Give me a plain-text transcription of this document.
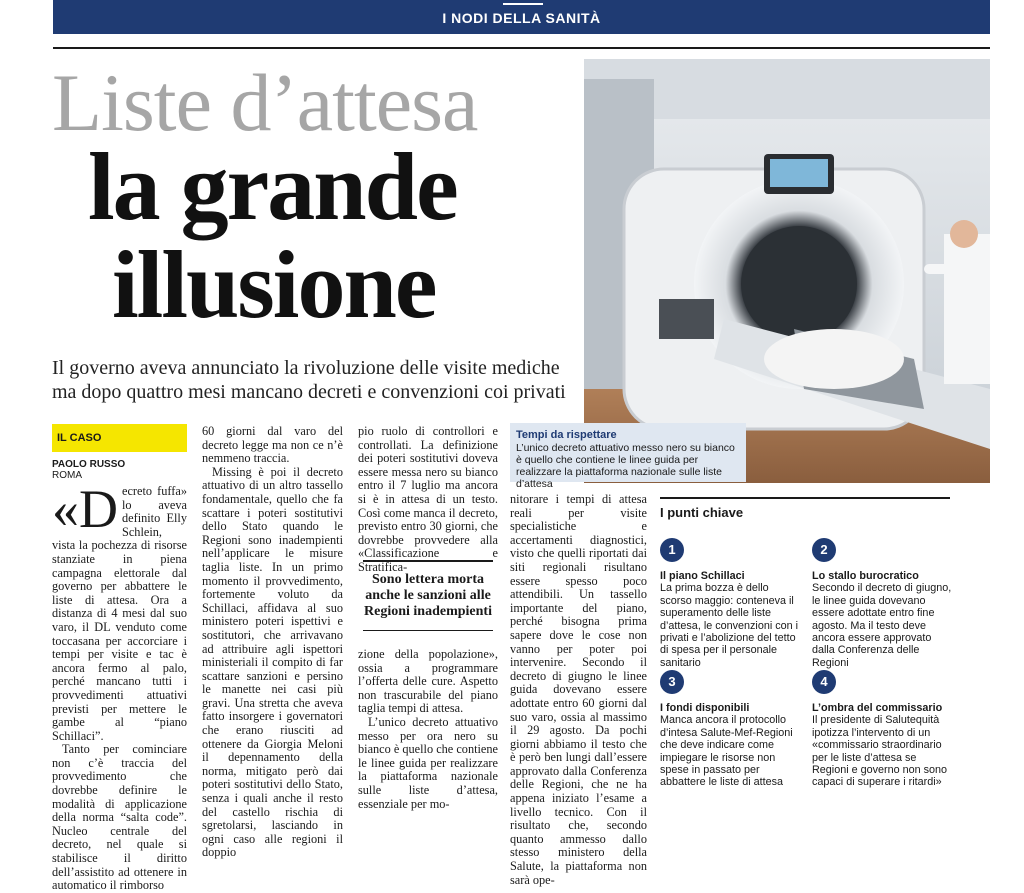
I NODI DELLA SANITÀ
Liste d’attesa
la grande
illusione
Il governo aveva annunciato la rivoluzione delle visite mediche ma dopo quattro mesi mancano decreti e convenzioni coi privati
Tempi da rispettare
L’unico decreto attuativo messo nero su bianco è quello che contiene le linee guida per realizzare la piattaforma nazionale sulle liste d’attesa
IL CASO
PAOLO RUSSO
ROMA

«Decreto fuffa» lo aveva definito Elly Schlein, vista la pochezza di risorse stanziate in piena campagna elettorale dal governo per abbattere le liste di attesa. Ora a distanza di 4 mesi dal suo varo, il DL venduto come toccasana per accorciare i tempi per visite e tac è ancora fermo al palo, perché mancano tutti i provvedimenti attuativi previsti per mettere le gambe al “piano Schillaci”.

Tanto per cominciare non c’è traccia del provvedimento che dovrebbe definire le modalità di applicazione della norma “salta code”. Nucleo centrale del decreto, nel quale si stabilisce il diritto dell’assistito ad ottenere in automatico il rimborso

60 giorni dal varo del decreto legge ma non ce n’è nemmeno traccia.

Missing è poi il decreto attuativo di un altro tassello fondamentale, quello che fa scattare i poteri sostitutivi dello Stato quando le Regioni sono inadempienti nell’applicare le misure taglia liste. In un primo momento il provvedimento, fortemente voluto da Schillaci, affidava al suo ministero poteri ispettivi e sostitutori, che arrivavano ad attribuire agli ispettori ministeriali il compito di far scattare sanzioni e persino le manette nei casi più gravi. Una stretta che aveva fatto insorgere i governatori che erano riusciti ad ottenere da Giorgia Meloni il depennamento della norma, mitigato però dai poteri sostitutivi dello Stato, senza i quali anche il resto del castello rischia di sgretolarsi, lasciando in ogni caso alle regioni il doppio

pio ruolo di controllori e controllati. La definizione dei poteri sostitutivi doveva essere messa nero su bianco entro il 7 luglio ma ancora si è in attesa di un testo. Così come manca il decreto, previsto entro 30 giorni, che dovrebbe provvedere alla «Classificazione e Stratifica-

Sono lettera morta anche le sanzioni alle Regioni inadempienti

zione della popolazione», ossia a programmare l’offerta delle cure. Aspetto non trascurabile del piano taglia tempi di attesa.

L’unico decreto attuativo messo per ora nero su bianco è quello che contiene le linee guida per realizzare la piattaforma nazionale sulle liste d’attesa, essenziale per mo-

nitorare i tempi di attesa reali per visite specialistiche e accertamenti diagnostici, visto che quelli riportati dai siti regionali risultano essere spesso poco attendibili. Un tassello importante del piano, perché bisogna prima sapere dove le cose non vanno per poter poi intervenire. Secondo il decreto di giugno le linee guida dovevano essere adottate entro 60 giorni dal suo varo, ossia al massimo il 29 agosto. Da pochi giorni abbiamo il testo che è però ben lungi dall’essere approvato dalla Conferenza delle Regioni, che ne ha appena iniziato l’esame a livello tecnico. Con il risultato che, secondo quanto ammesso dallo stesso ministero della Salute, la piattaforma non sarà ope-

I punti chiave
1
Il piano Schillaci
La prima bozza è dello scorso maggio: conteneva il superamento delle liste d’attesa, le convenzioni con i privati e l’abolizione del tetto di spesa per il personale sanitario
2
Lo stallo burocratico
Secondo il decreto di giugno, le linee guida dovevano essere adottate entro fine agosto. Ma il testo deve ancora essere approvato dalla Conferenza delle Regioni
3
I fondi disponibili
Manca ancora il protocollo d’intesa Salute-Mef-Regioni che deve indicare come impiegare le risorse non spese in passato per abbattere le liste di attesa
4
L’ombra del commissario
Il presidente di Salutequità ipotizza l’intervento di un «commissario straordinario per le liste d’attesa se Regioni e governo non sono capaci di superare i ritardi»
